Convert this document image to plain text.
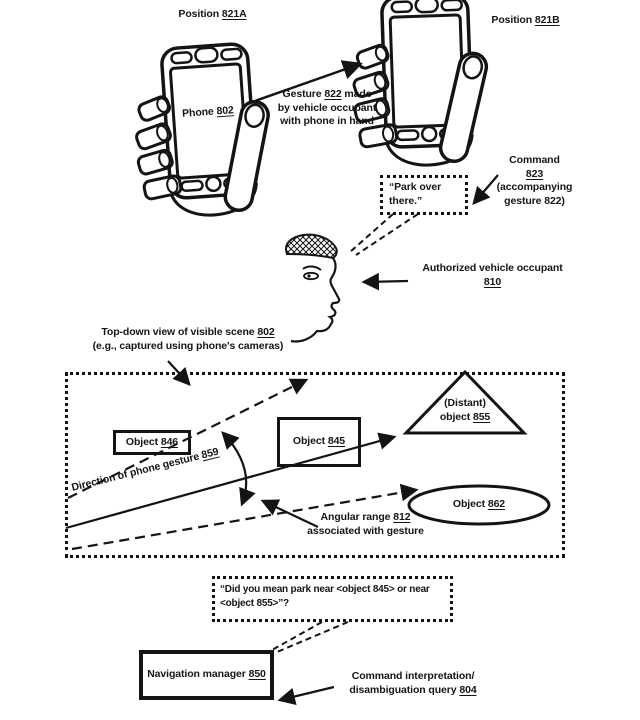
Position 821A	Position 821B
Phone 802
Gesture 822 made by vehicle occupant with phone in hand
Command
823
(accompanying gesture 822)
“Park over there.”
Authorized vehicle occupant
810
Top-down view of visible scene 802
(e.g., captured using phone's cameras)
Object 846	Object 845
(Distant)
object 855
Object 862
Direction of phone gesture 859
Angular range 812
associated with gesture
“Did you mean park near <object 845> or near <object 855>”?
Navigation manager 850	Command interpretation/
disambiguation query 804
